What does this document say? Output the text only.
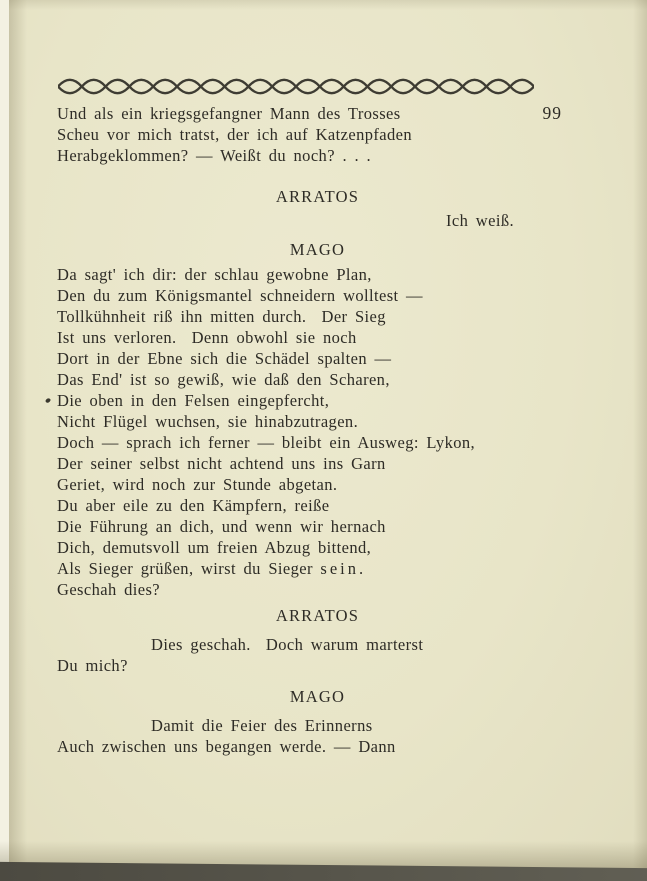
Und als ein kriegsgefangner Mann des Trosses	99
Scheu vor mich tratst, der ich auf Katzenpfaden
Herabgeklommen? — Weißt du noch? . . .
ARRATOS
Ich weiß.
MAGO
Da sagt' ich dir: der schlau gewobne Plan,
Den du zum Königsmantel schneidern wolltest —
Tollkühnheit riß ihn mitten durch.  Der Sieg
Ist uns verloren.  Denn obwohl sie noch
Dort in der Ebne sich die Schädel spalten —
Das End' ist so gewiß, wie daß den Scharen,
Die oben in den Felsen eingepfercht,
Nicht Flügel wuchsen, sie hinabzutragen.
Doch — sprach ich ferner — bleibt ein Ausweg: Lykon,
Der seiner selbst nicht achtend uns ins Garn
Geriet, wird noch zur Stunde abgetan.
Du aber eile zu den Kämpfern, reiße
Die Führung an dich, und wenn wir hernach
Dich, demutsvoll um freien Abzug bittend,
Als Sieger grüßen, wirst du Sieger sein.
Geschah dies?
ARRATOS
Dies geschah.  Doch warum marterst
Du mich?
MAGO
Damit die Feier des Erinnerns
Auch zwischen uns begangen werde. — Dann
